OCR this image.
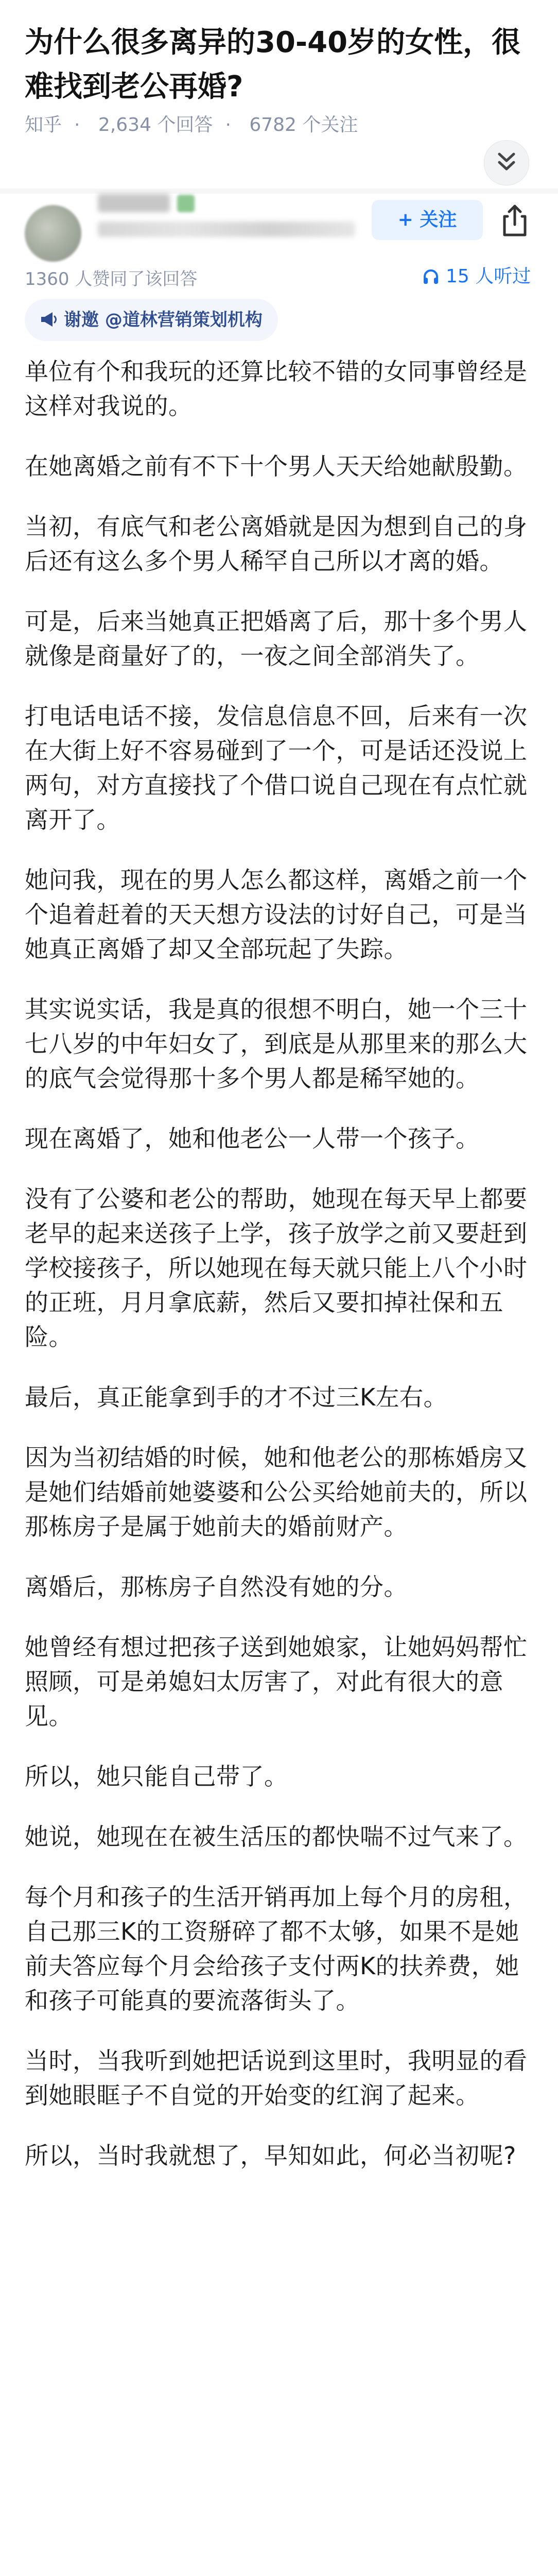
为什么很多离异的30-40岁的女性，很难找到老公再婚?
知乎 · 2,634 个回答 · 6782 个关注
+ 关注
1360 人赞同了该回答	15 人听过
谢邀 @道林营销策划机构

单位有个和我玩的还算比较不错的女同事曾经是这样对我说的。

在她离婚之前有不下十个男人天天给她献殷勤。

当初，有底气和老公离婚就是因为想到自己的身后还有这么多个男人稀罕自己所以才离的婚。

可是，后来当她真正把婚离了后，那十多个男人就像是商量好了的，一夜之间全部消失了。

打电话电话不接，发信息信息不回，后来有一次在大街上好不容易碰到了一个，可是话还没说上两句，对方直接找了个借口说自己现在有点忙就离开了。

她问我，现在的男人怎么都这样，离婚之前一个个追着赶着的天天想方设法的讨好自己，可是当她真正离婚了却又全部玩起了失踪。

其实说实话，我是真的很想不明白，她一个三十七八岁的中年妇女了，到底是从那里来的那么大的底气会觉得那十多个男人都是稀罕她的。

现在离婚了，她和他老公一人带一个孩子。

没有了公婆和老公的帮助，她现在每天早上都要老早的起来送孩子上学，孩子放学之前又要赶到学校接孩子，所以她现在每天就只能上八个小时的正班，月月拿底薪，然后又要扣掉社保和五险。

最后，真正能拿到手的才不过三K左右。

因为当初结婚的时候，她和他老公的那栋婚房又是她们结婚前她婆婆和公公买给她前夫的，所以那栋房子是属于她前夫的婚前财产。

离婚后，那栋房子自然没有她的分。

她曾经有想过把孩子送到她娘家，让她妈妈帮忙照顾，可是弟媳妇太厉害了，对此有很大的意见。

所以，她只能自己带了。

她说，她现在在被生活压的都快喘不过气来了。

每个月和孩子的生活开销再加上每个月的房租，自己那三K的工资掰碎了都不太够，如果不是她前夫答应每个月会给孩子支付两K的扶养费，她和孩子可能真的要流落街头了。

当时，当我听到她把话说到这里时，我明显的看到她眼眶子不自觉的开始变的红润了起来。

所以，当时我就想了，早知如此，何必当初呢?
